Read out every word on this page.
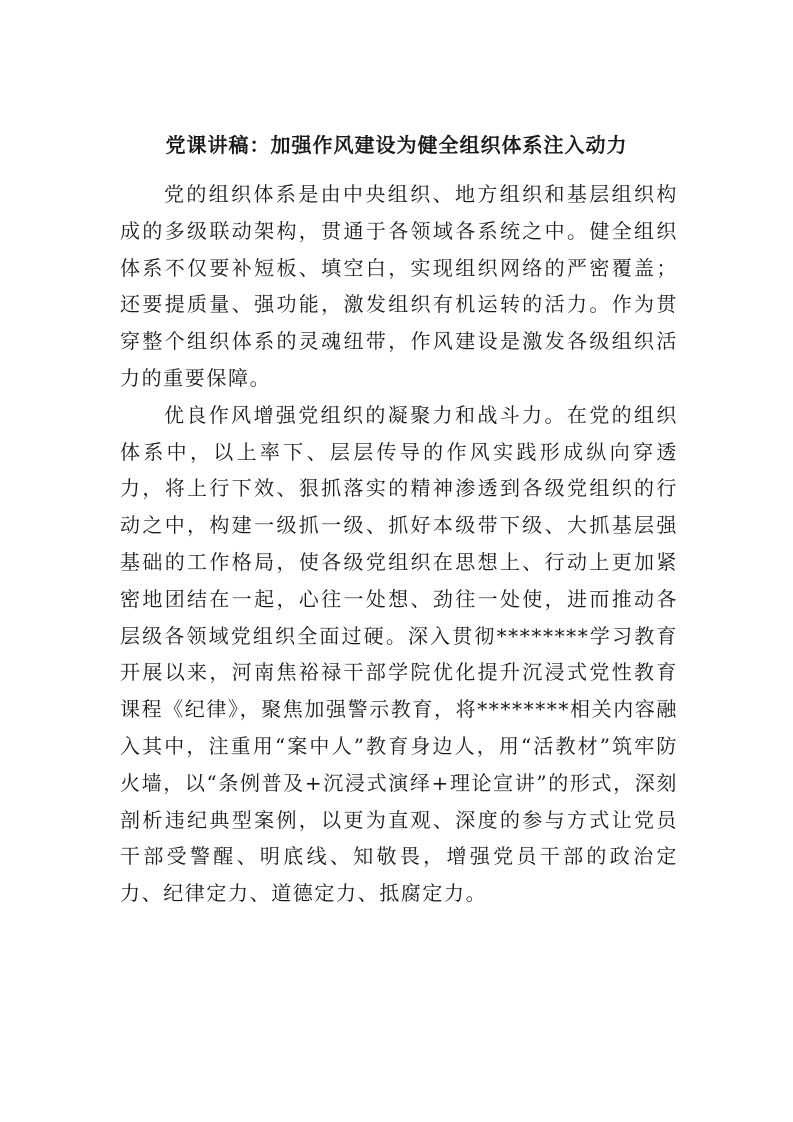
党课讲稿：加强作风建设为健全组织体系注入动力

党的组织体系是由中央组织、地方组织和基层组织构成的多级联动架构，贯通于各领域各系统之中。健全组织体系不仅要补短板、填空白，实现组织网络的严密覆盖；还要提质量、强功能，激发组织有机运转的活力。作为贯穿整个组织体系的灵魂纽带，作风建设是激发各级组织活力的重要保障。

优良作风增强党组织的凝聚力和战斗力。在党的组织体系中，以上率下、层层传导的作风实践形成纵向穿透力，将上行下效、狠抓落实的精神渗透到各级党组织的行动之中，构建一级抓一级、抓好本级带下级、大抓基层强基础的工作格局，使各级党组织在思想上、行动上更加紧密地团结在一起，心往一处想、劲往一处使，进而推动各层级各领域党组织全面过硬。深入贯彻********学习教育开展以来，河南焦裕禄干部学院优化提升沉浸式党性教育课程《纪律》，聚焦加强警示教育，将********相关内容融入其中，注重用“案中人”教育身边人，用“活教材”筑牢防火墙，以“条例普及+沉浸式演绎+理论宣讲”的形式，深刻剖析违纪典型案例，以更为直观、深度的参与方式让党员干部受警醒、明底线、知敬畏，增强党员干部的政治定力、纪律定力、道德定力、抵腐定力。
